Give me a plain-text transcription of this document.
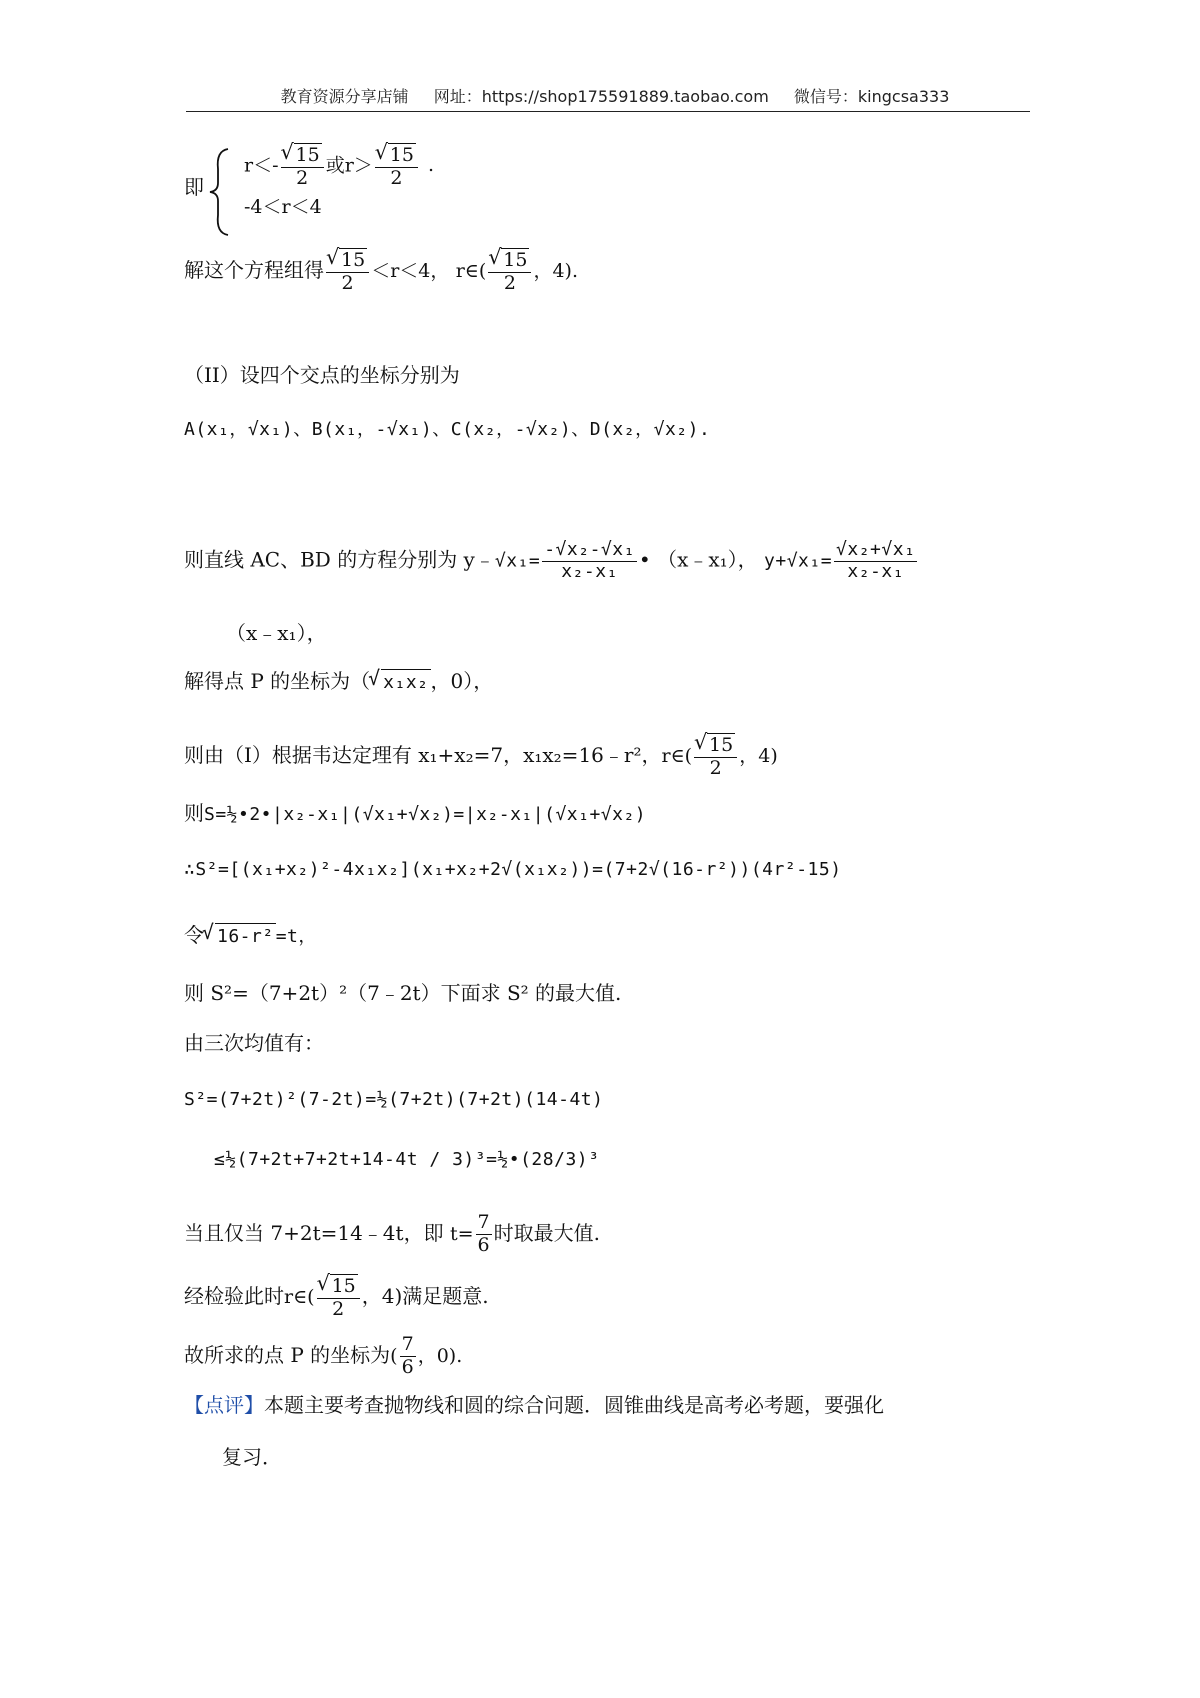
教育资源分享店铺 网址：https://shop175591889.taobao.com 微信号：kingcsa333
即
r＜- √ $\frac{15}{2}$ 或r＞ √ $\frac{15}{2}$ .
-4＜r＜4
解这个方程组得 √ $\frac{15}{2} <r<4$， r∈( √ $\frac{15}{2}$ ，4).
（II）设四个交点的坐标分别为
A(x₁，√x₁)、B(x₁，-√x₁)、C(x₂，-√x₂)、D(x₂，√x₂).
则直线 AC、BD 的方程分别为 y﹣√x₁= $\frac{\text{-√x₂-√x₁}}{\text{x₂-x₁}}$ • （x﹣x₁）， $y+√x_1= \frac{\text{√x₂+√x₁}}{\text{x₂-x₁}}$
（x﹣x₁），
解得点 P 的坐标为（ √ x₁x₂ ，0），
则由（I）根据韦达定理有 x₁+x₂=7，x₁x₂=16﹣r²，r∈( √ $\frac{15}{2}$ ，4)
则S=½•2•|x₂-x₁|(√x₁+√x₂)=|x₂-x₁|(√x₁+√x₂)
∴S²=[(x₁+x₂)²-4x₁x₂](x₁+x₂+2√(x₁x₂))=(7+2√(16-r²))(4r²-15)
令 √ 16-r² =t，
则 S²=（7+2t）²（7﹣2t）下面求 S² 的最大值.
由三次均值有：
S²=(7+2t)²(7-2t)=½(7+2t)(7+2t)(14-4t)
≤½(7+2t+7+2t+14-4t / 3)³=½•(28/3)³
当且仅当 7+2t=14﹣4t，即 $t= \frac{7}{6}$ 时取最大值.
经检验此时r∈( √ $\frac{15}{2}$ ，4)满足题意.
故所求的点 P 的坐标为( $\frac{7}{6}$ ，0).
【点评】本题主要考查抛物线和圆的综合问题．圆锥曲线是高考必考题，要强化
复习．
